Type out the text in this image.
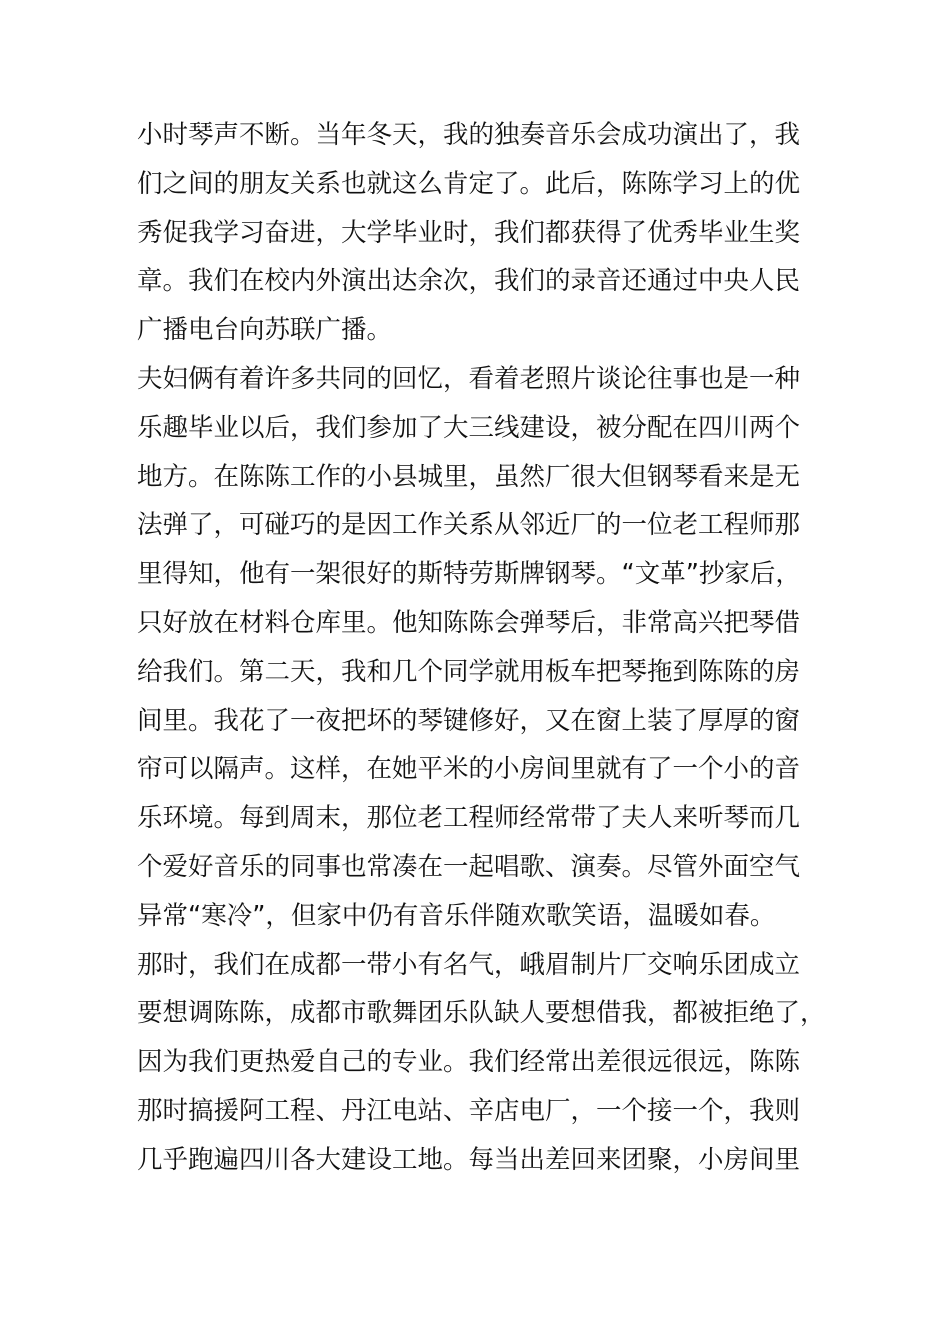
小时琴声不断。当年冬天，我的独奏音乐会成功演出了，我
们之间的朋友关系也就这么肯定了。此后，陈陈学习上的优
秀促我学习奋进，大学毕业时，我们都获得了优秀毕业生奖
章。我们在校内外演出达余次，我们的录音还通过中央人民
广播电台向苏联广播。
夫妇俩有着许多共同的回忆，看着老照片谈论往事也是一种
乐趣毕业以后，我们参加了大三线建设，被分配在四川两个
地方。在陈陈工作的小县城里，虽然厂很大但钢琴看来是无
法弹了，可碰巧的是因工作关系从邻近厂的一位老工程师那
里得知，他有一架很好的斯特劳斯牌钢琴。“文革”抄家后，
只好放在材料仓库里。他知陈陈会弹琴后，非常高兴把琴借
给我们。第二天，我和几个同学就用板车把琴拖到陈陈的房
间里。我花了一夜把坏的琴键修好，又在窗上装了厚厚的窗
帘可以隔声。这样，在她平米的小房间里就有了一个小的音
乐环境。每到周末，那位老工程师经常带了夫人来听琴而几
个爱好音乐的同事也常凑在一起唱歌、演奏。尽管外面空气
异常“寒冷”，但家中仍有音乐伴随欢歌笑语，温暖如春。
那时，我们在成都一带小有名气，峨眉制片厂交响乐团成立
要想调陈陈，成都市歌舞团乐队缺人要想借我，都被拒绝了，
因为我们更热爱自己的专业。我们经常出差很远很远，陈陈
那时搞援阿工程、丹江电站、辛店电厂，一个接一个，我则
几乎跑遍四川各大建设工地。每当出差回来团聚，小房间里
